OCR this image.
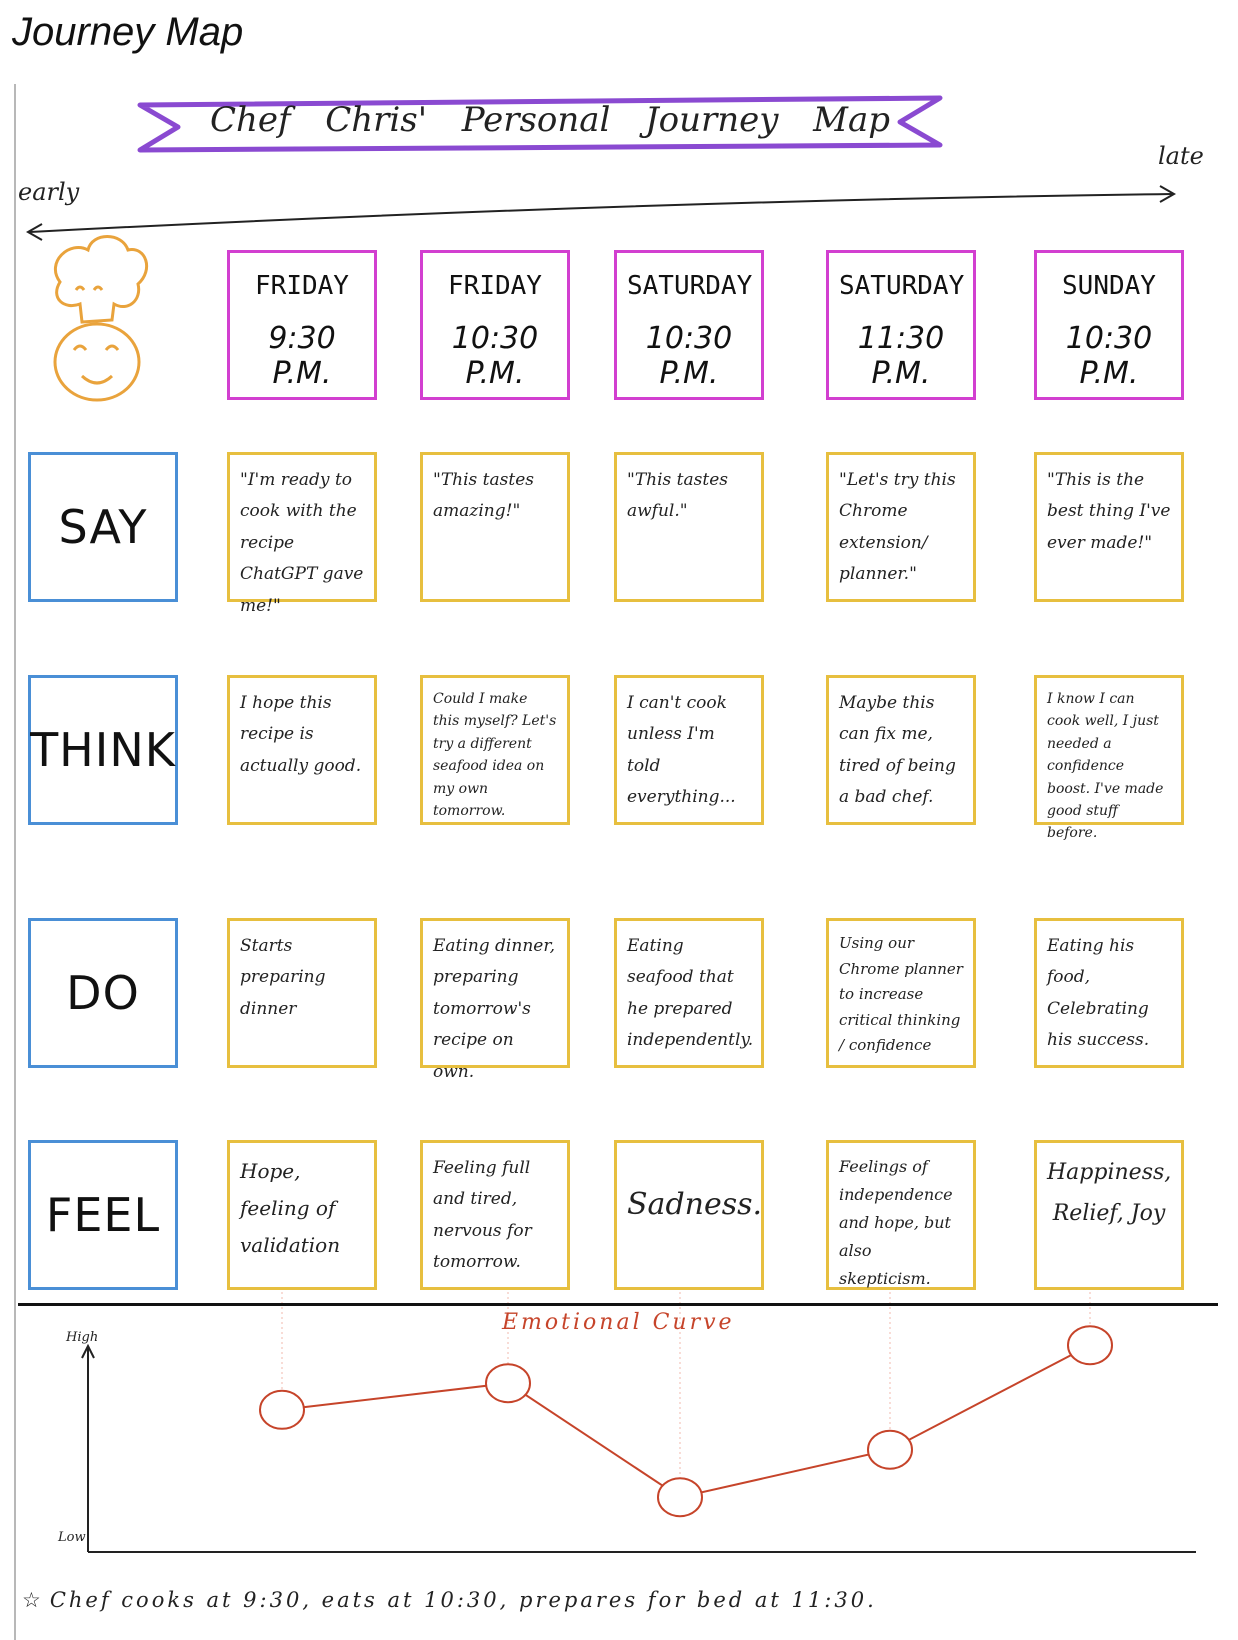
Journey Map
Chef Chris' Personal Journey Map
early
late
FRIDAY
9:30 P.M.
FRIDAY
10:30 P.M.
SATURDAY
10:30 P.M.
SATURDAY
11:30 P.M.
SUNDAY
10:30 P.M.
SAY
"I'm ready to cook with the recipe ChatGPT gave me!"
"This tastes amazing!"
"This tastes awful."
"Let's try this Chrome extension/ planner."
"This is the best thing I've ever made!"
THINK
I hope this recipe is actually good.
Could I make this myself? Let's try a different seafood idea on my own tomorrow.
I can't cook unless I'm told everything...
Maybe this can fix me, tired of being a bad chef.
I know I can cook well, I just needed a confidence boost. I've made good stuff before.
DO
Starts preparing dinner
Eating dinner, preparing tomorrow's recipe on own.
Eating seafood that he prepared independently.
Using our Chrome planner to increase critical thinking / confidence
Eating his food, Celebrating his success.
FEEL
Hope, feeling of validation
Feeling full and tired, nervous for tomorrow.
Sadness.
Feelings of independence and hope, but also skepticism.
Happiness, Relief, Joy
Emotional Curve
High
Low
☆ Chef cooks at 9:30, eats at 10:30, prepares for bed at 11:30.
